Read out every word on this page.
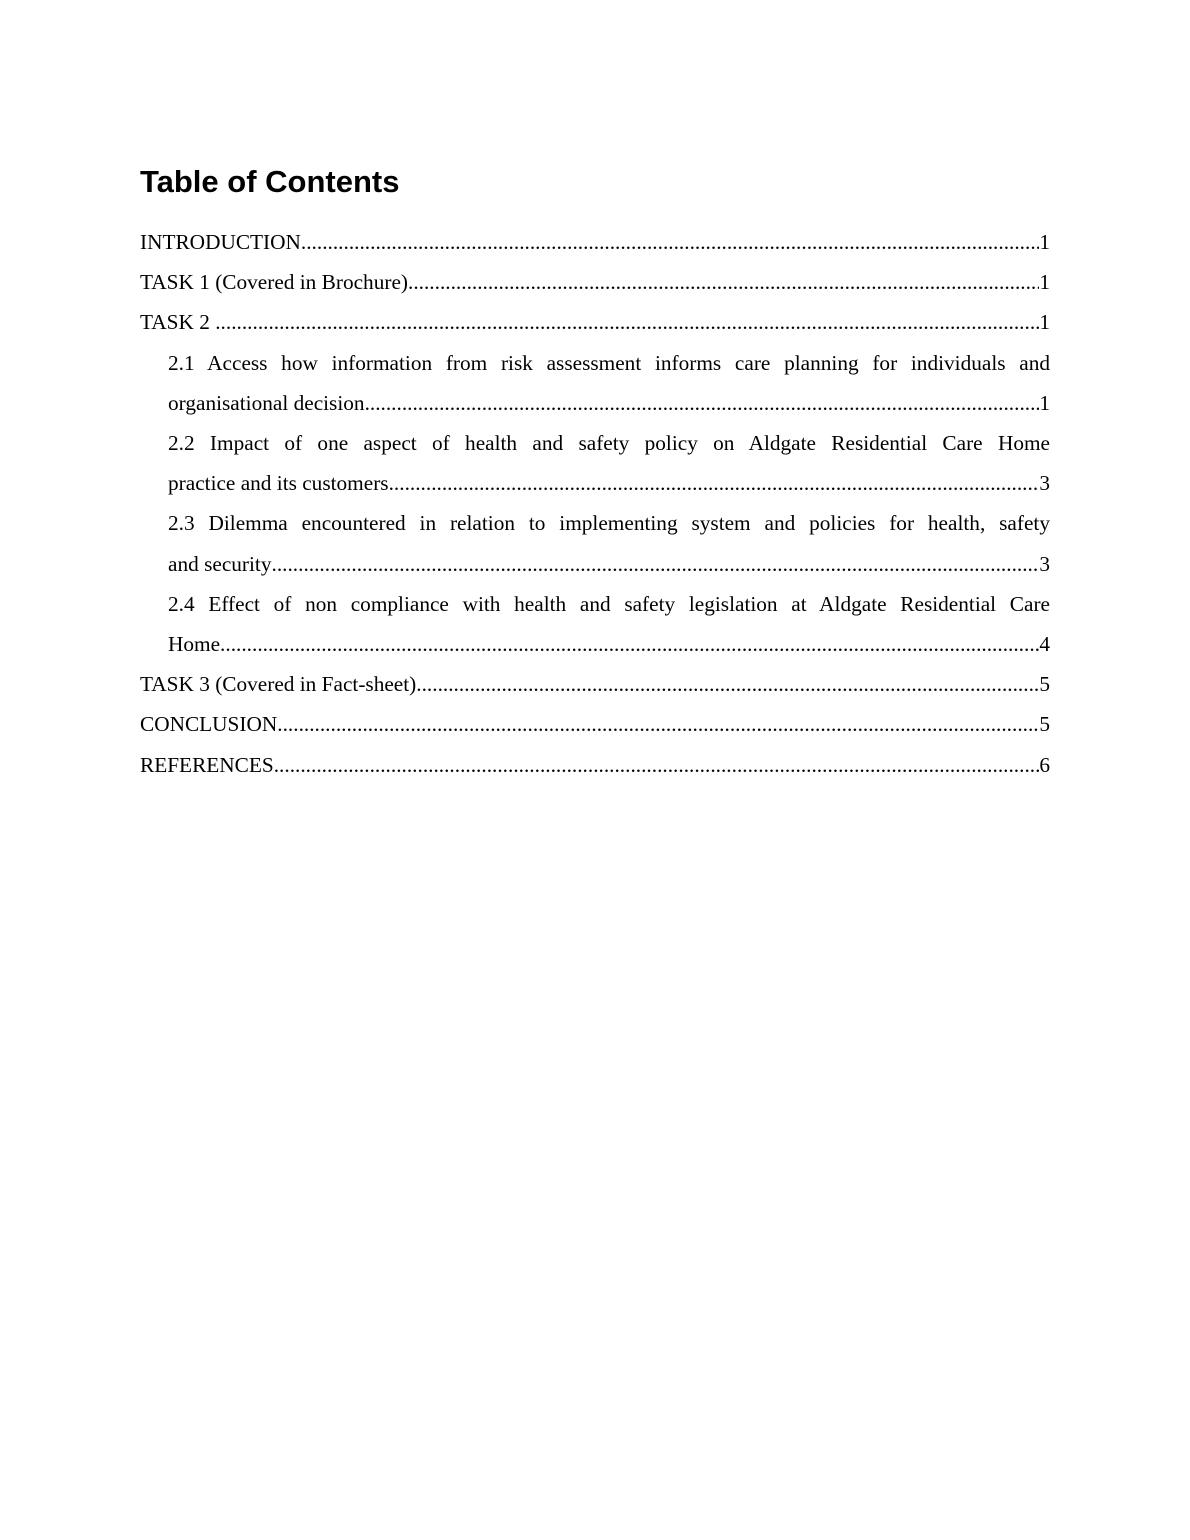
Table of Contents
INTRODUCTION .....	1
TASK 1 (Covered in Brochure) .....	1
TASK 2 .....	1
2.1 Access how information from risk assessment informs care planning for individuals and
organisational decision .....	1
2.2 Impact of one aspect of health and safety policy on Aldgate Residential Care Home
practice and its customers .....	3
2.3 Dilemma encountered in relation to implementing system and policies for health, safety
and security .....	3
2.4 Effect of non compliance with health and safety legislation at Aldgate Residential Care
Home .....	4
TASK 3 (Covered in Fact-sheet) .....	5
CONCLUSION .....	5
REFERENCES .....	6
